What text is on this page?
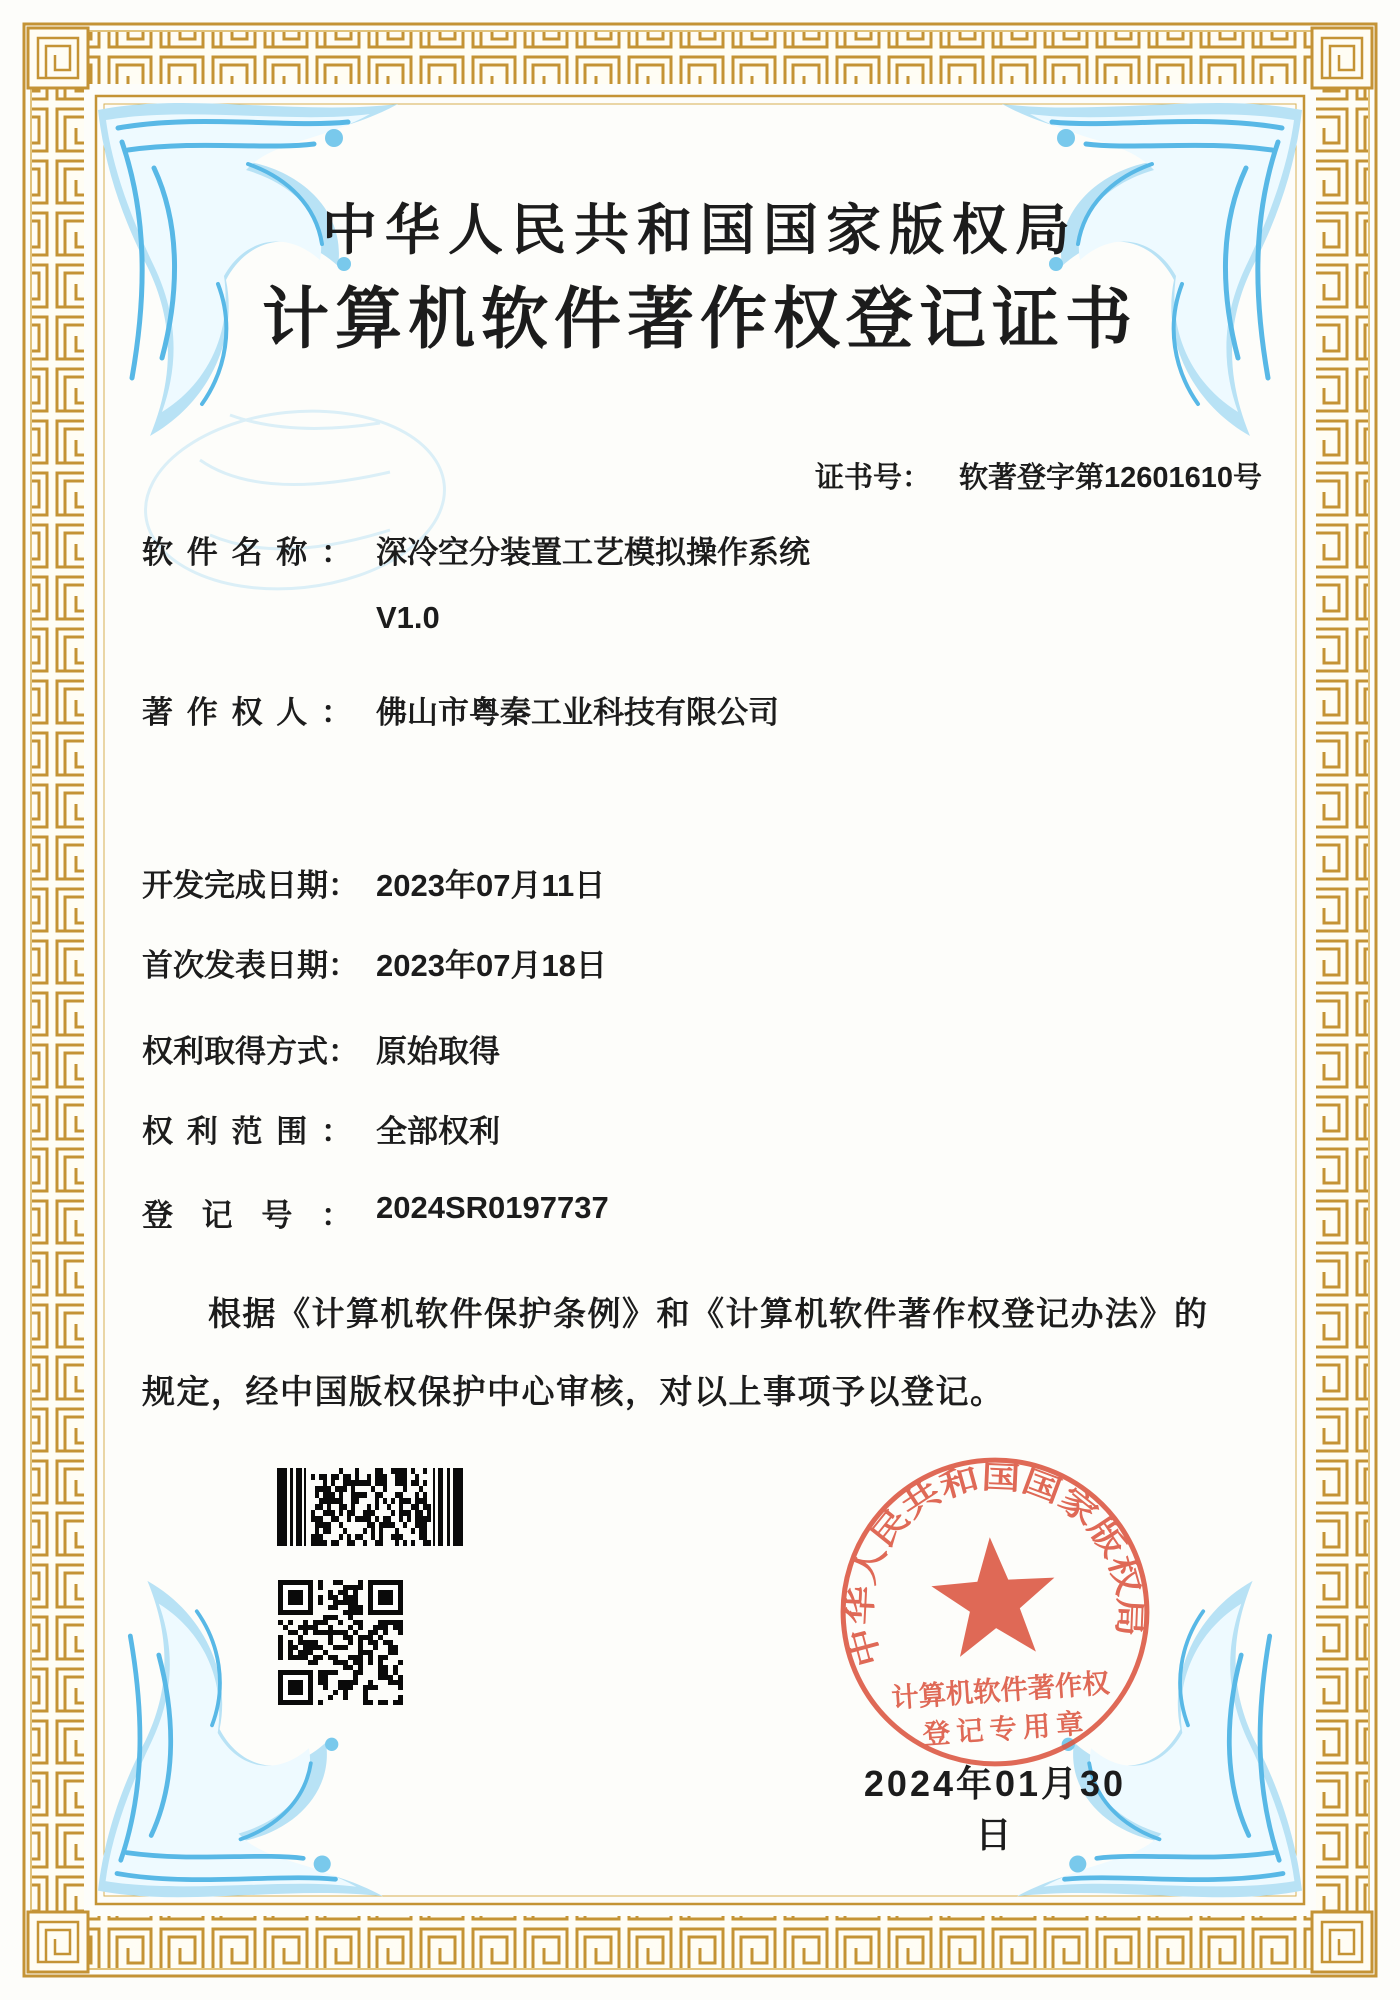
中华人民共和国国家版权局
计算机软件著作权登记证书
证书号： 软著登字第12601610号
软件名称： 深冷空分装置工艺模拟操作系统
V1.0
著作权人： 佛山市粤秦工业科技有限公司
开发完成日期： 2023年07月11日
首次发表日期： 2023年07月18日
权利取得方式： 原始取得
权利范围： 全部权利
登记号： 2024SR0197737
根据《计算机软件保护条例》和《计算机软件著作权登记办法》的
规定，经中国版权保护中心审核，对以上事项予以登记。
中华人民共和国国家版权局
计算机软件著作权
登记专用章
2024年01月30日
